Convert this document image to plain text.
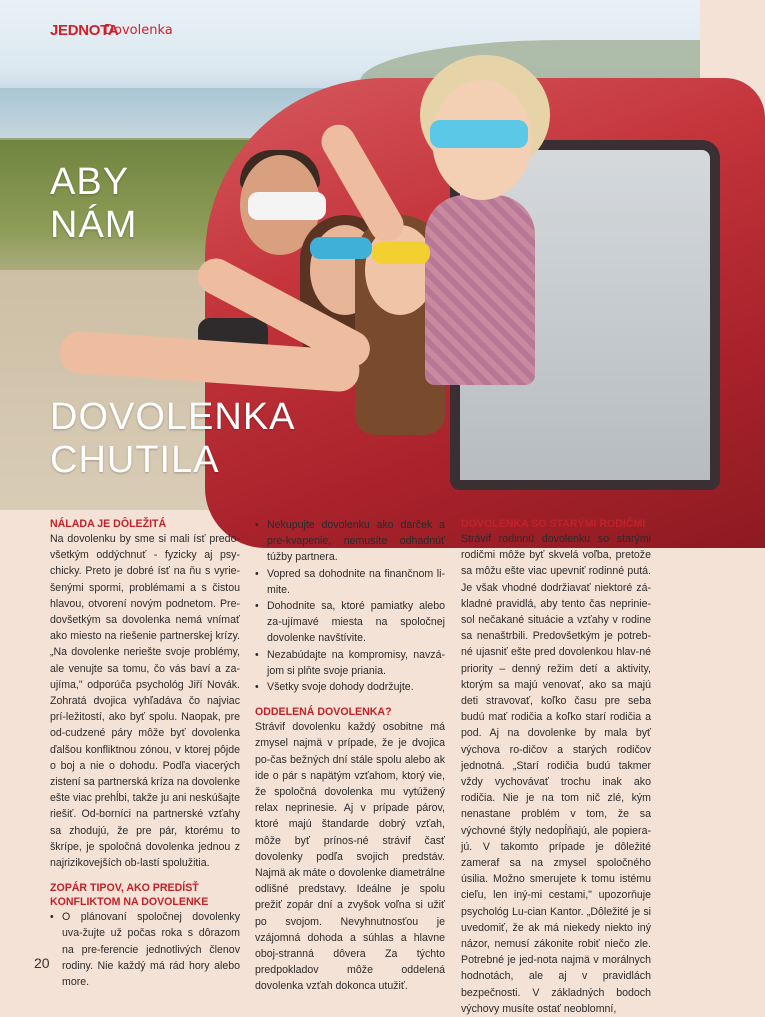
JEDNOTA
Dovolenka
ABY
NÁM
DOVOLENKA
CHUTILA
NÁLADA JE DÔLEŽITÁ

Na dovolenku by sme si mali ísť predo-všetkým oddýchnuť - fyzicky aj psy-chicky. Preto je dobré ísť na ňu s vyrie-šenými spormi, problémami a s čistou hlavou, otvorení novým podnetom. Pre-dovšetkým sa dovolenka nemá vnímať ako miesto na riešenie partnerskej krízy. „Na dovolenke neriešte svoje problémy, ale venujte sa tomu, čo vás baví a za-ujíma," odporúča psychológ Jiří Novák. Zohratá dvojica vyhľadáva čo najviac prí-ležitostí, ako byť spolu. Naopak, pre od-cudzené páry môže byť dovolenka ďalšou konfliktnou zónou, v ktorej pôjde o boj a nie o dohodu. Podľa viacerých zistení sa partnerská kríza na dovolenke ešte viac prehĺbi, takže ju ani neskúšajte riešiť. Od-borníci na partnerské vzťahy sa zhodujú, že pre pár, ktorému to škrípe, je spoločná dovolenka jednou z najrizikovejších ob-lastí spolužitia.

ZOPÁR TIPOV, AKO PREDÍSŤ KONFLIKTOM NA DOVOLENKE
• O plánovaní spoločnej dovolenky uva-žujte už počas roka s dôrazom na pre-ferencie jednotlivých členov rodiny. Nie každý má rád hory alebo more.
• Nekupujte dovolenku ako darček a pre-kvapenie, nemusíte odhadnúť túžby partnera.
• Vopred sa dohodnite na finančnom li-mite.
• Dohodnite sa, ktoré pamiatky alebo za-ujímavé miesta na spoločnej dovolenke navštívite.
• Nezabúdajte na kompromisy, navzá-jom si plňte svoje priania.
• Všetky svoje dohody dodržujte.
ODDELENÁ DOVOLENKA?

Strávif dovolenku každý osobitne má zmysel najmä v prípade, že je dvojica po-čas bežných dní stále spolu alebo ak ide o pár s napätým vzťahom, ktorý vie, že spoločná dovolenka mu vytúžený relax neprinesie. Aj v prípade párov, ktoré majú štandarde dobrý vzťah, môže byť prínos-né strávif časť dovolenky podľa svojich predstáv. Najmä ak máte o dovolenke diametrálne odlišné predstavy. Ideálne je spolu prežiť zopár dní a zvyšok voľna si užiť po svojom. Nevyhnutnosťou je vzájomná dohoda a súhlas a hlavne obоj-stranná dôvera Za týchto predpokladov môže oddelená dovolenka vzťah dokonca utužiť.

DOVOLENKA SO STARÝMI RODIČMI

Strávif rodinnú dovolenku so starými rodičmi môže byť skvelá voľba, pretože sa môžu ešte viac upevniť rodinné putá. Je však vhodné dodržiavať niektoré zá-kladné pravidlá, aby tento čas neprinie-sol nečakané situácie a vzťahy v rodine sa nenaštrbili. Predovšetkým je potreb-né ujasniť ešte pred dovolenkou hlav-né priority – denný režim detí a aktivity, ktorým sa majú venovať, ako sa majú deti stravovať, koľko času pre seba budú mať rodičia a koľko starí rodičia a pod. Aj na dovolenke by mala byť výchova ro-dičov a starých rodičov jednotná. „Starí rodičia budú takmer vždy vychovávať trochu inak ako rodičia. Nie je na tom nič zlé, kým nenastane problém v tom, že sa výchovné štýly nedopĺňajú, ale popiera-jú. V takomto prípade je dôležité zameraf sa na zmysel spoločného úsilia. Možno smerujete k tomu istému cieľu, len iný-mi cestami," upozorňuje psychológ Lu-cian Kantor. „Dôležité je si uvedomiť, že ak má niekedy niekto iný názor, nemusí zákonite robiť niečo zle. Potrebné je jed-nota najmä v morálnych hodnotách, ale aj v pravidlách bezpečnosti. V základných bodoch výchovy musíte ostať neoblomní,

20
